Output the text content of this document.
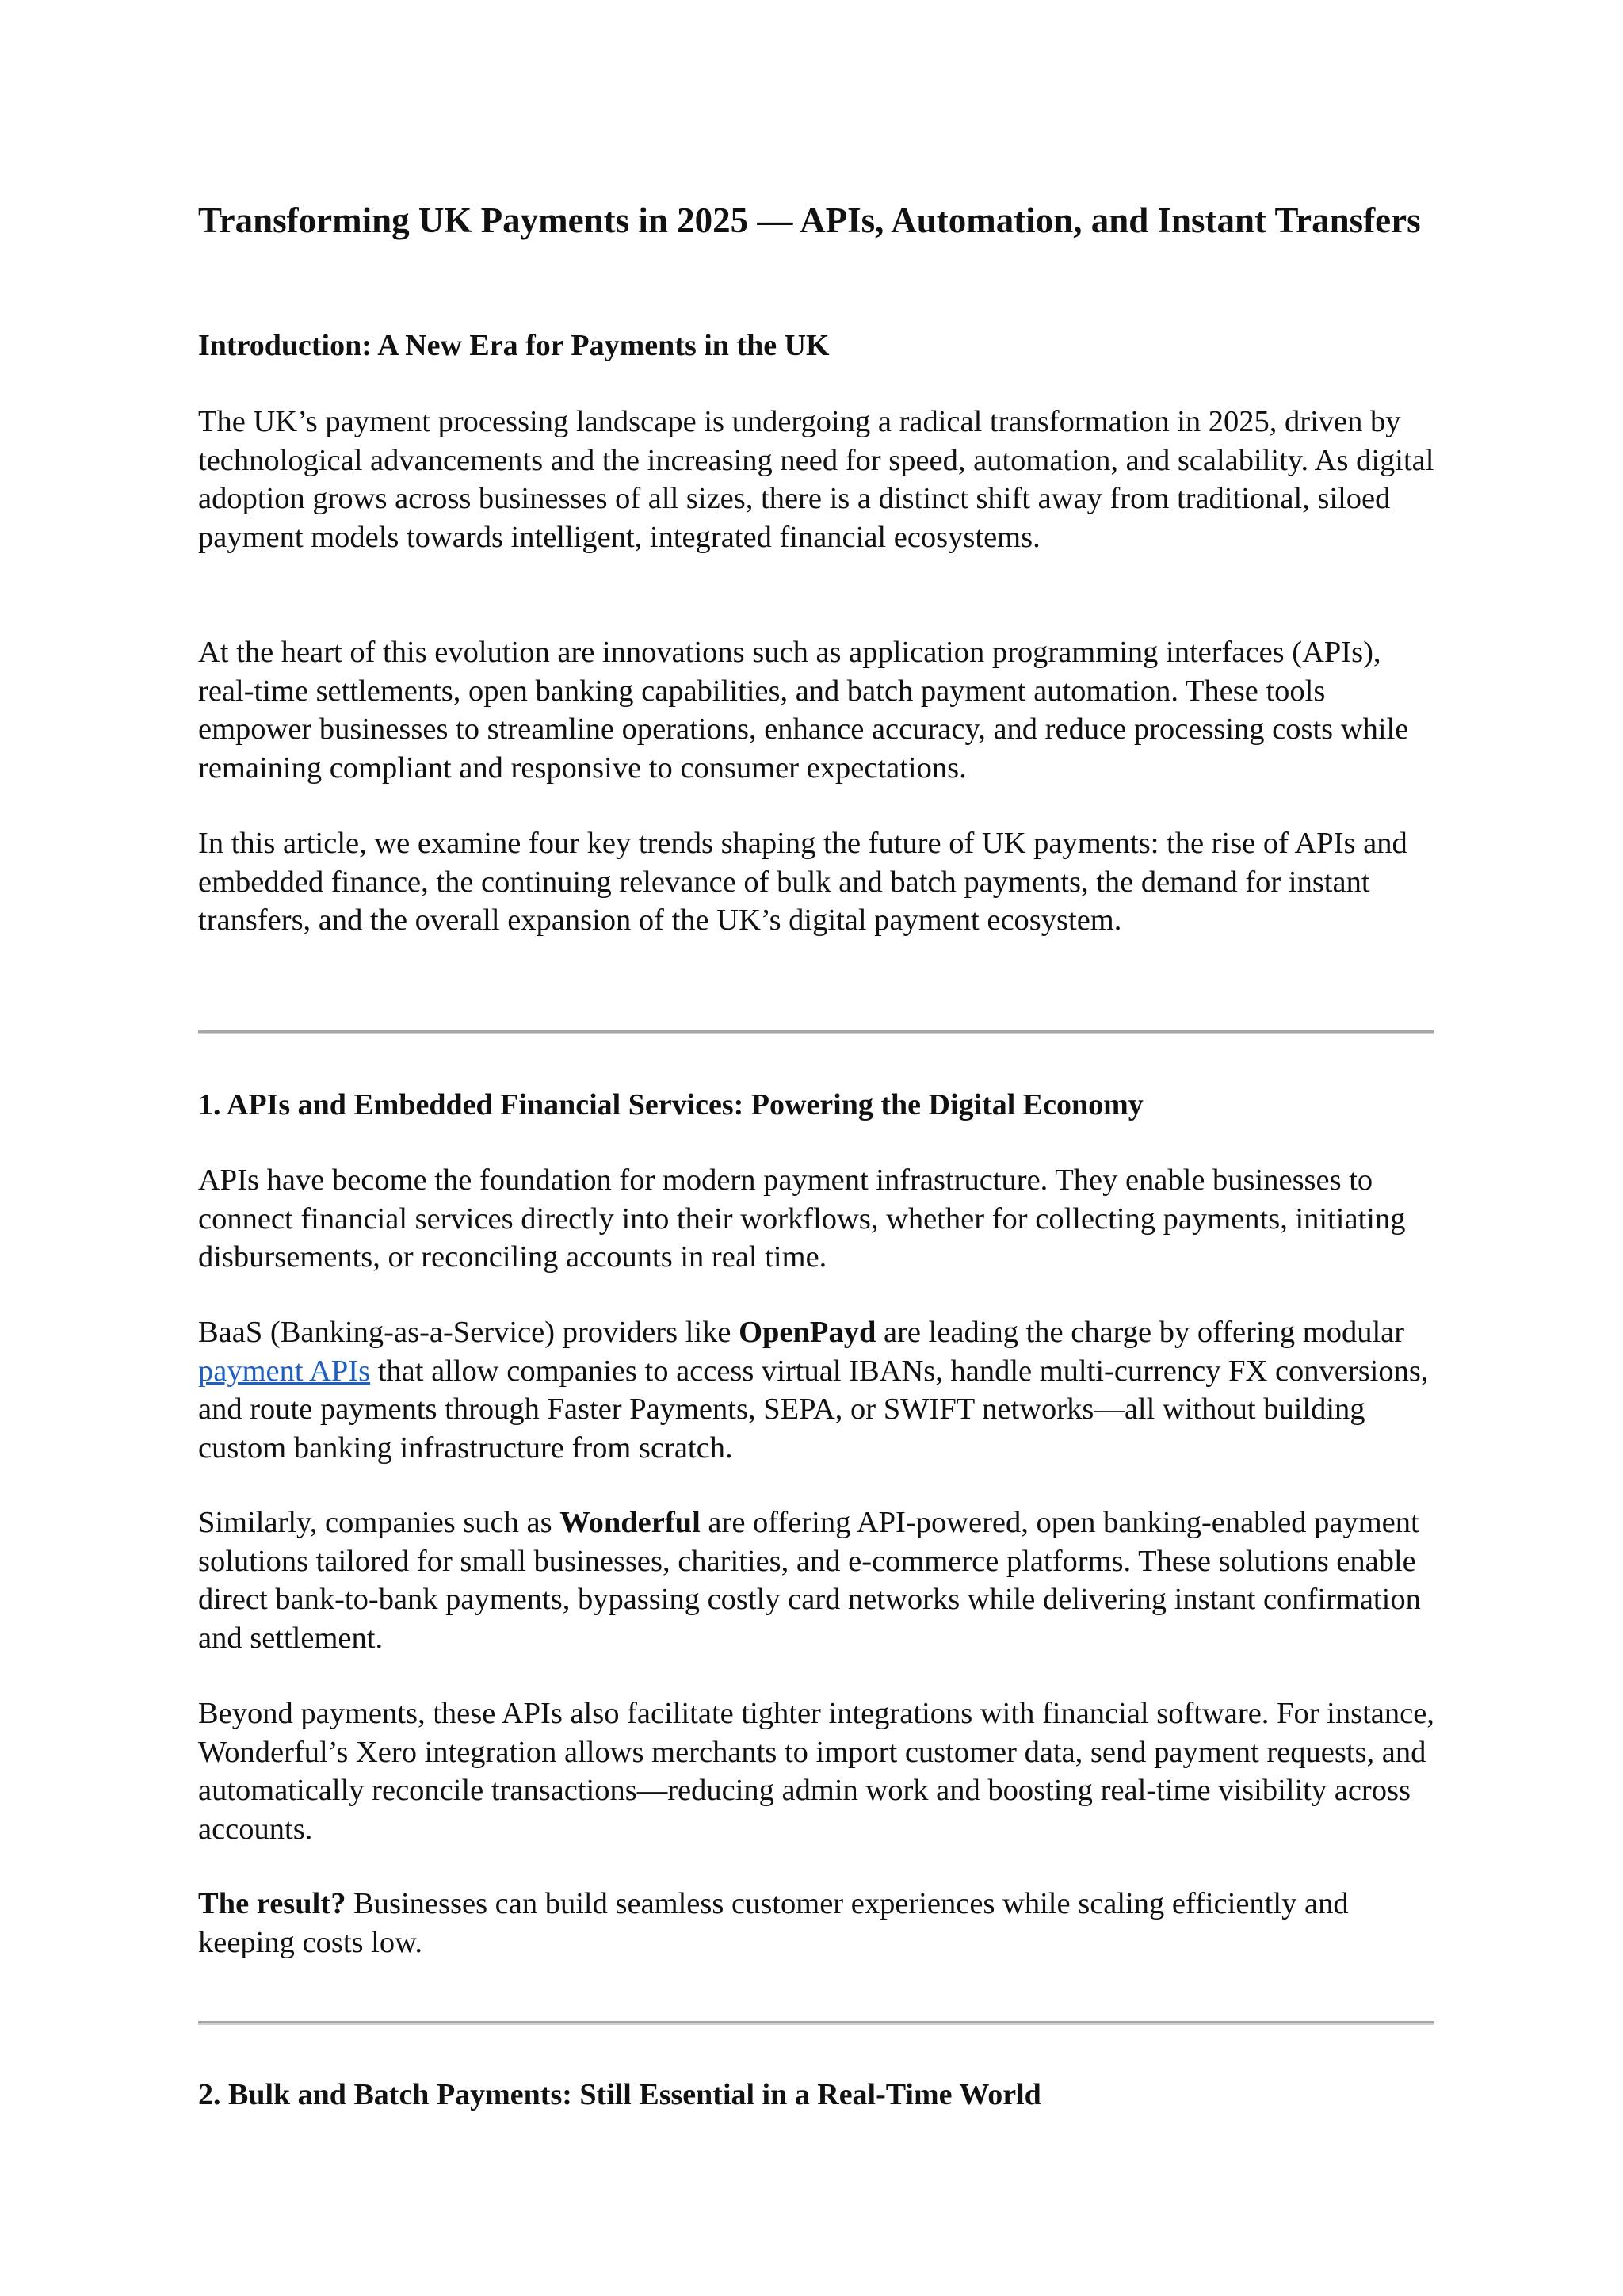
Transforming UK Payments in 2025 — APIs, Automation, and Instant Transfers
Introduction: A New Era for Payments in the UK

The UK’s payment processing landscape is undergoing a radical transformation in 2025, driven by technological advancements and the increasing need for speed, automation, and scalability. As digital adoption grows across businesses of all sizes, there is a distinct shift away from traditional, siloed payment models towards intelligent, integrated financial ecosystems.

At the heart of this evolution are innovations such as application programming interfaces (APIs), real-time settlements, open banking capabilities, and batch payment automation. These tools empower businesses to streamline operations, enhance accuracy, and reduce processing costs while remaining compliant and responsive to consumer expectations.

In this article, we examine four key trends shaping the future of UK payments: the rise of APIs and embedded finance, the continuing relevance of bulk and batch payments, the demand for instant transfers, and the overall expansion of the UK’s digital payment ecosystem.

1. APIs and Embedded Financial Services: Powering the Digital Economy

APIs have become the foundation for modern payment infrastructure. They enable businesses to connect financial services directly into their workflows, whether for collecting payments, initiating disbursements, or reconciling accounts in real time.

BaaS (Banking-as-a-Service) providers like OpenPayd are leading the charge by offering modular payment APIs that allow companies to access virtual IBANs, handle multi-currency FX conversions, and route payments through Faster Payments, SEPA, or SWIFT networks—all without building custom banking infrastructure from scratch.

Similarly, companies such as Wonderful are offering API-powered, open banking-enabled payment solutions tailored for small businesses, charities, and e-commerce platforms. These solutions enable direct bank-to-bank payments, bypassing costly card networks while delivering instant confirmation and settlement.

Beyond payments, these APIs also facilitate tighter integrations with financial software. For instance, Wonderful’s Xero integration allows merchants to import customer data, send payment requests, and automatically reconcile transactions—reducing admin work and boosting real-time visibility across accounts.

The result? Businesses can build seamless customer experiences while scaling efficiently and keeping costs low.

2. Bulk and Batch Payments: Still Essential in a Real-Time World
